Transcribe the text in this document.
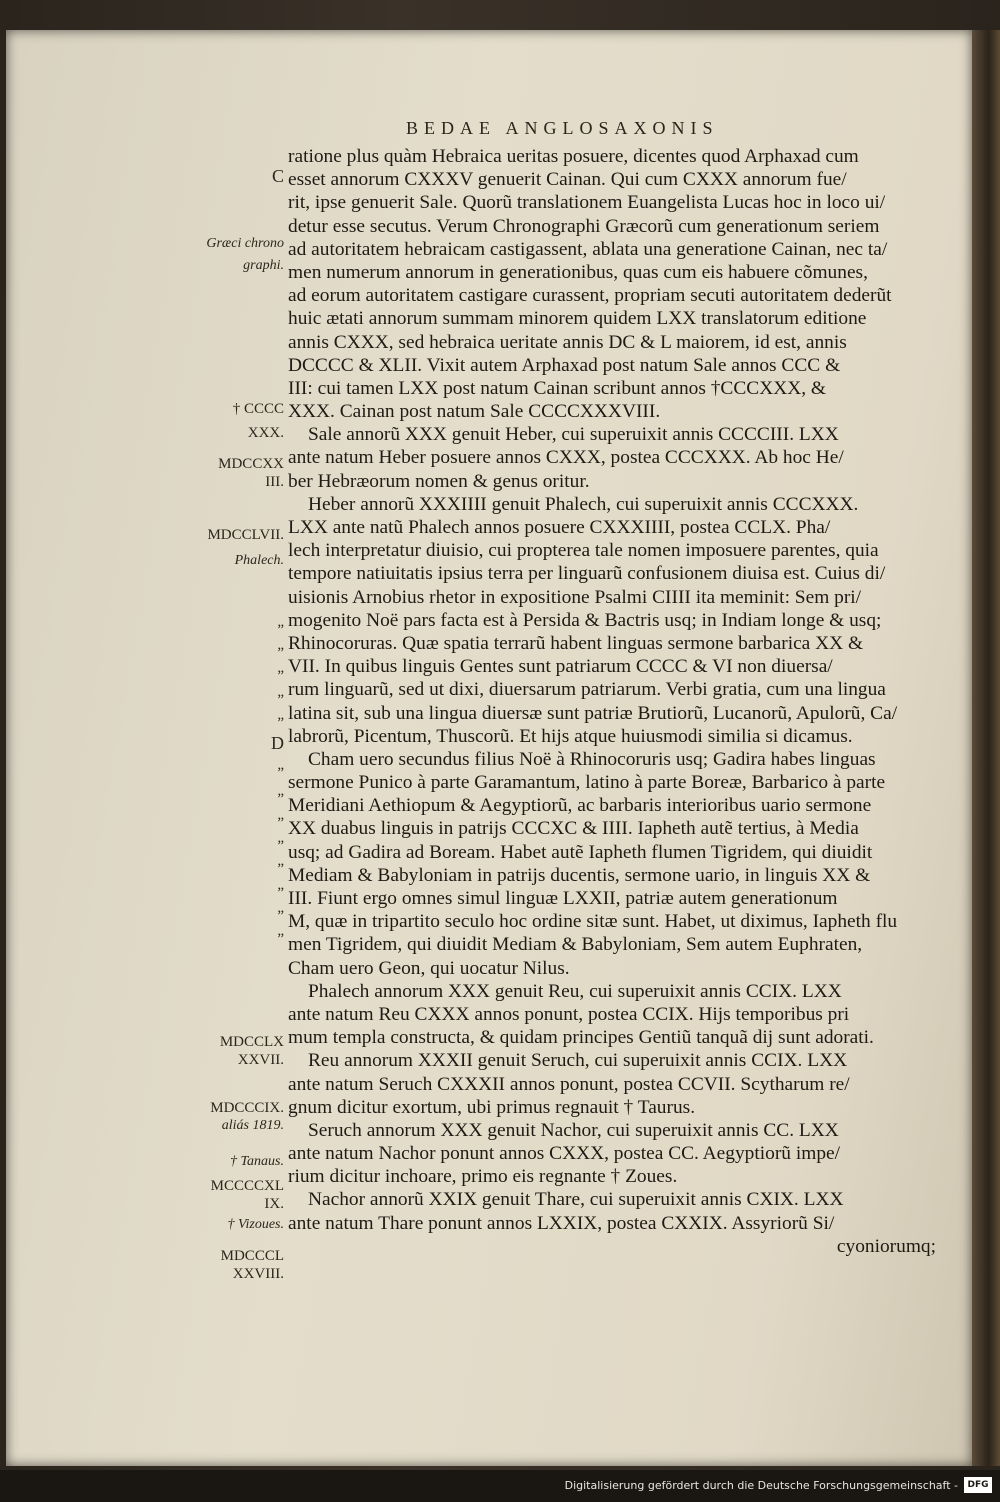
BEDAE ANGLOSAXONIS
ratione plus quàm Hebraica ueritas posuere, dicentes quod Arphaxad cum
esset annorum CXXXV genuerit Cainan. Qui cum CXXX annorum fue/
rit, ipse genuerit Sale. Quorũ translationem Euangelista Lucas hoc in loco ui/
detur esse secutus. Verum Chronographi Græcorũ cum generationum seriem
ad autoritatem hebraicam castigassent, ablata una generatione Cainan, nec ta/
men numerum annorum in generationibus, quas cum eis habuere cõmunes,
ad eorum autoritatem castigare curassent, propriam secuti autoritatem dederũt
huic ætati annorum summam minorem quidem LXX translatorum editione
annis CXXX, sed hebraica ueritate annis DC & L maiorem, id est, annis
DCCCC & XLII. Vixit autem Arphaxad post natum Sale annos CCC &
III: cui tamen LXX post natum Cainan scribunt annos †CCCXXX, &
XXX. Cainan post natum Sale CCCCXXXVIII.
Sale annorũ XXX genuit Heber, cui superuixit annis CCCCIII. LXX
ante natum Heber posuere annos CXXX, postea CCCXXX. Ab hoc He/
ber Hebræorum nomen & genus oritur.
Heber annorũ XXXIIII genuit Phalech, cui superuixit annis CCCXXX.
LXX ante natũ Phalech annos posuere CXXXIIII, postea CCLX. Pha/
lech interpretatur diuisio, cui propterea tale nomen imposuere parentes, quia
tempore natiuitatis ipsius terra per linguarũ confusionem diuisa est. Cuius di/
uisionis Arnobius rhetor in expositione Psalmi CIIII ita meminit: Sem pri/
mogenito Noë pars facta est à Persida & Bactris usq; in Indiam longe & usq;
Rhinocoruras. Quæ spatia terrarũ habent linguas sermone barbarica XX &
VII. In quibus linguis Gentes sunt patriarum CCCC & VI non diuersa/
rum linguarũ, sed ut dixi, diuersarum patriarum. Verbi gratia, cum una lingua
latina sit, sub una lingua diuersæ sunt patriæ Brutiorũ, Lucanorũ, Apulorũ, Ca/
labrorũ, Picentum, Thuscorũ. Et hijs atque huiusmodi similia si dicamus.
Cham uero secundus filius Noë à Rhinocoruris usq; Gadira habes linguas
sermone Punico à parte Garamantum, latino à parte Boreæ, Barbarico à parte
Meridiani Aethiopum & Aegyptiorũ, ac barbaris interioribus uario sermone
XX duabus linguis in patrijs CCCXC & IIII. Iapheth autẽ tertius, à Media
usq; ad Gadira ad Boream. Habet autẽ Iapheth flumen Tigridem, qui diuidit
Mediam & Babyloniam in patrijs ducentis, sermone uario, in linguis XX &
III. Fiunt ergo omnes simul linguæ LXXII, patriæ autem generationum
M, quæ in tripartito seculo hoc ordine sitæ sunt. Habet, ut diximus, Iapheth flu
men Tigridem, qui diuidit Mediam & Babyloniam, Sem autem Euphraten,
Cham uero Geon, qui uocatur Nilus.
Phalech annorum XXX genuit Reu, cui superuixit annis CCIX. LXX
ante natum Reu CXXX annos ponunt, postea CCIX. Hijs temporibus pri
mum templa constructa, & quidam principes Gentiũ tanquã dij sunt adorati.
Reu annorum XXXII genuit Seruch, cui superuixit annis CCIX. LXX
ante natum Seruch CXXXII annos ponunt, postea CCVII. Scytharum re/
gnum dicitur exortum, ubi primus regnauit † Taurus.
Seruch annorum XXX genuit Nachor, cui superuixit annis CC. LXX
ante natum Nachor ponunt annos CXXX, postea CC. Aegyptiorũ impe/
rium dicitur inchoare, primo eis regnante † Zoues.
Nachor annorũ XXIX genuit Thare, cui superuixit annis CXIX. LXX
ante natum Thare ponunt annos LXXIX, postea CXXIX. Assyriorũ Si/
cyoniorumq;
C
Græci chrono
graphi.
† CCCC
XXX.
MDCCXX
III.
MDCCLVII.
Phalech.
„
„
„
„
„
D
„
„
„
„
„
„
„
„
MDCCLX
XXVII.
MDCCCIX.
aliás 1819.
† Tanaus.
MCCCCXL
IX.
† Vizoues.
MDCCCL
XXVIII.
Digitalisierung gefördert durch die Deutsche Forschungsgemeinschaft -	DFG
